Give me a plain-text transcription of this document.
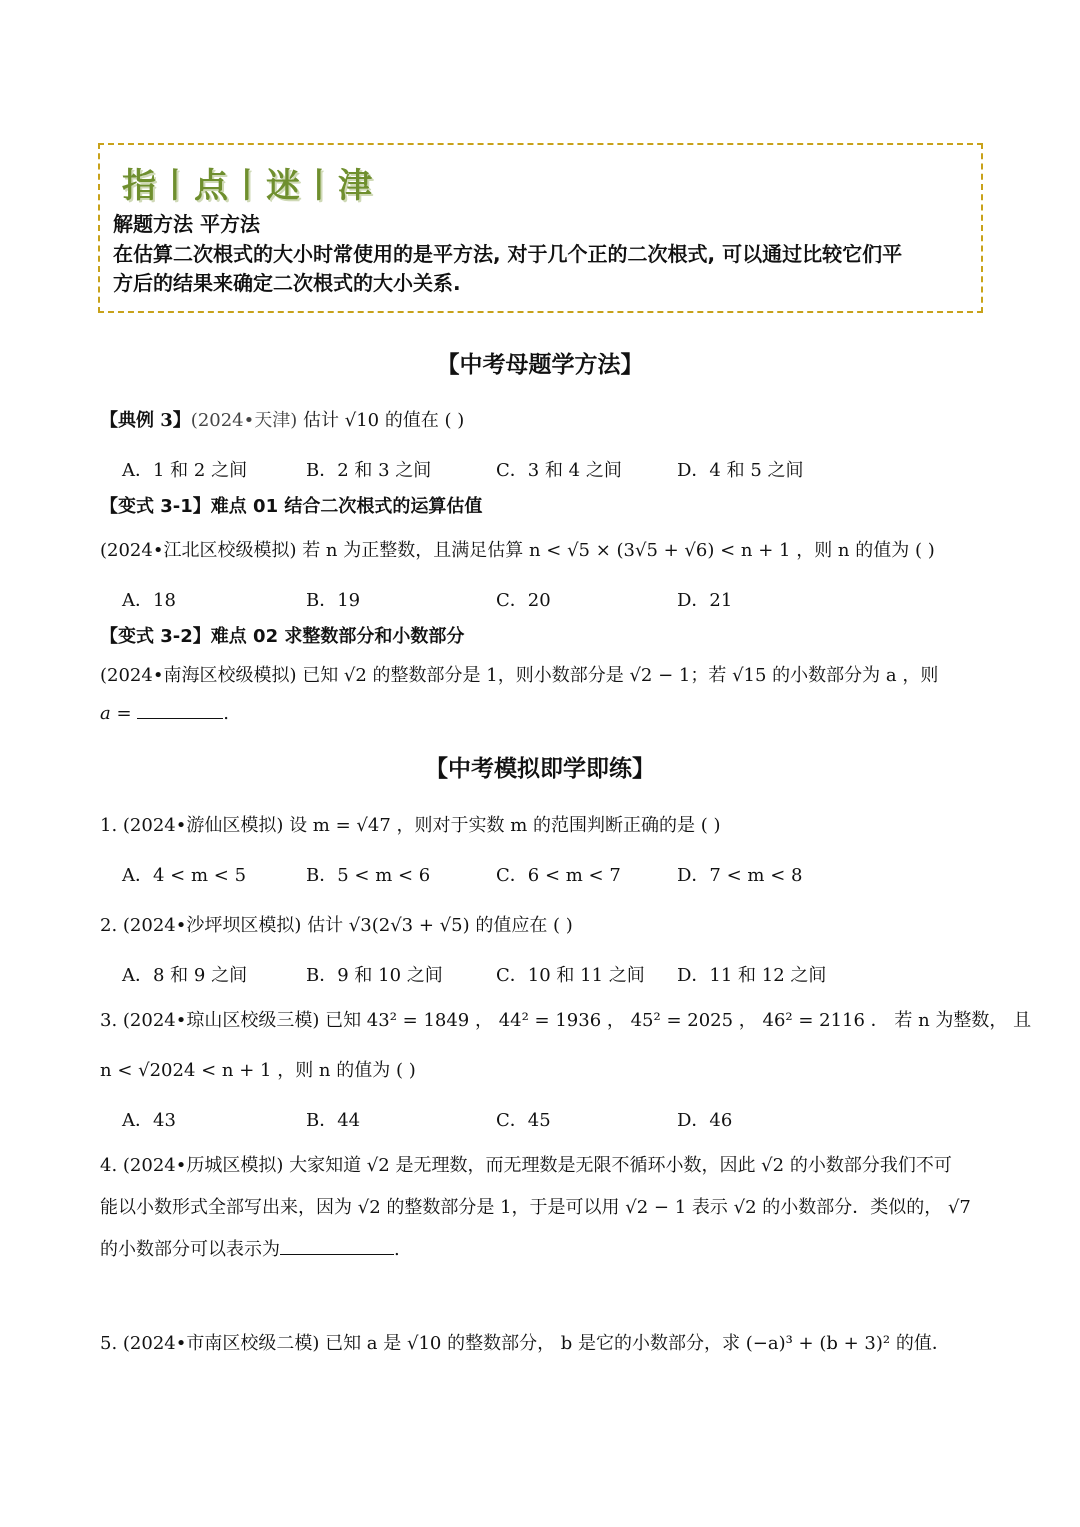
指丨点丨迷丨津
解题方法 平方法
在估算二次根式的大小时常使用的是平方法, 对于几个正的二次根式, 可以通过比较它们平
方后的结果来确定二次根式的大小关系.
【中考母题学方法】
【典例 3】(2024•天津) 估计 √10 的值在 ( )
A．1 和 2 之间	B．2 和 3 之间	C．3 和 4 之间	D．4 和 5 之间
【变式 3-1】难点 01 结合二次根式的运算估值
(2024•江北区校级模拟) 若 n 为正整数，且满足估算 n < √5 × (3√5 + √6) < n + 1 ，则 n 的值为 ( )
A．18	B．19	C．20	D．21
【变式 3-2】难点 02 求整数部分和小数部分
(2024•南海区校级模拟) 已知 √2 的整数部分是 1，则小数部分是 √2 − 1；若 √15 的小数部分为 a ，则
a =	.
【中考模拟即学即练】
1. (2024•游仙区模拟) 设 m = √47 ，则对于实数 m 的范围判断正确的是 ( )
A．4 < m < 5	B．5 < m < 6	C．6 < m < 7	D．7 < m < 8
2. (2024•沙坪坝区模拟) 估计 √3(2√3 + √5) 的值应在 ( )
A．8 和 9 之间	B．9 和 10 之间	C．10 和 11 之间 D．11 和 12 之间
3. (2024•琼山区校级三模) 已知 43² = 1849 ， 44² = 1936 ， 45² = 2025 ， 46² = 2116 ． 若 n 为整数， 且
n < √2024 < n + 1 ，则 n 的值为 ( )
A．43	B．44	C．45	D．46
4. (2024•历城区模拟) 大家知道 √2 是无理数，而无理数是无限不循环小数，因此 √2 的小数部分我们不可
能以小数形式全部写出来，因为 √2 的整数部分是 1，于是可以用 √2 − 1 表示 √2 的小数部分．类似的， √7
的小数部分可以表示为	.
5. (2024•市南区校级二模) 已知 a 是 √10 的整数部分， b 是它的小数部分，求 (−a)³ + (b + 3)² 的值．
